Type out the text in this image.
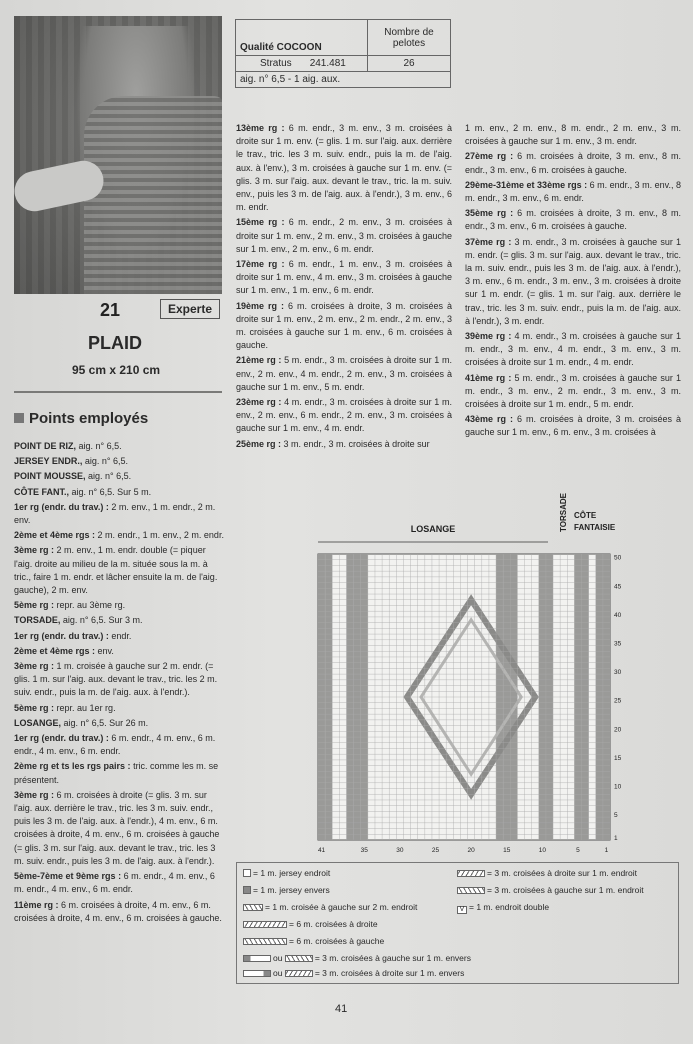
21	Experte
PLAID
95 cm x 210 cm
Points employés

POINT DE RIZ, aig. n° 6,5.

JERSEY ENDR., aig. n° 6,5.

POINT MOUSSE, aig. n° 6,5.

CÔTE FANT., aig. n° 6,5. Sur 5 m.

1er rg (endr. du trav.) : 2 m. env., 1 m. endr., 2 m. env.

2ème et 4ème rgs : 2 m. endr., 1 m. env., 2 m. endr.

3ème rg : 2 m. env., 1 m. endr. double (= piquer l'aig. droite au milieu de la m. située sous la m. à tric., faire 1 m. endr. et lâcher ensuite la m. de l'aig. gauche), 2 m. env.

5ème rg : repr. au 3ème rg.

TORSADE, aig. n° 6,5. Sur 3 m.

1er rg (endr. du trav.) : endr.

2ème et 4ème rgs : env.

3ème rg : 1 m. croisée à gauche sur 2 m. endr. (= glis. 1 m. sur l'aig. aux. devant le trav., tric. les 2 m. suiv. endr., puis la m. de l'aig. aux. à l'endr.).

5ème rg : repr. au 1er rg.

LOSANGE, aig. n° 6,5. Sur 26 m.

1er rg (endr. du trav.) : 6 m. endr., 4 m. env., 6 m. endr., 4 m. env., 6 m. endr.

2ème rg et ts les rgs pairs : tric. comme les m. se présentent.

3ème rg : 6 m. croisées à droite (= glis. 3 m. sur l'aig. aux. derrière le trav., tric. les 3 m. suiv. endr., puis les 3 m. de l'aig. aux. à l'endr.), 4 m. env., 6 m. croisées à droite, 4 m. env., 6 m. croisées à gauche (= glis. 3 m. sur l'aig. aux. devant le trav., tric. les 3 m. suiv. endr., puis les 3 m. de l'aig. aux. à l'endr.).

5ème-7ème et 9ème rgs : 6 m. endr., 4 m. env., 6 m. endr., 4 m. env., 6 m. endr.

11ème rg : 6 m. croisées à droite, 4 m. env., 6 m. croisées à droite, 4 m. env., 6 m. croisées à gauche.

Qualité COCOON	Nombre de pelotes
Stratus 241.481	26
aig. n° 6,5 - 1 aig. aux.	

13ème rg : 6 m. endr., 3 m. env., 3 m. croisées à droite sur 1 m. env. (= glis. 1 m. sur l'aig. aux. derrière le trav., tric. les 3 m. suiv. endr., puis la m. de l'aig. aux. à l'env.), 3 m. croisées à gauche sur 1 m. env. (= glis. 3 m. sur l'aig. aux. devant le trav., tric. la m. suiv. env., puis les 3 m. de l'aig. aux. à l'endr.), 3 m. env., 6 m. endr.

15ème rg : 6 m. endr., 2 m. env., 3 m. croisées à droite sur 1 m. env., 2 m. env., 3 m. croisées à gauche sur 1 m. env., 2 m. env., 6 m. endr.

17ème rg : 6 m. endr., 1 m. env., 3 m. croisées à droite sur 1 m. env., 4 m. env., 3 m. croisées à gauche sur 1 m. env., 1 m. env., 6 m. endr.

19ème rg : 6 m. croisées à droite, 3 m. croisées à droite sur 1 m. env., 2 m. env., 2 m. endr., 2 m. env., 3 m. croisées à gauche sur 1 m. env., 6 m. croisées à gauche.

21ème rg : 5 m. endr., 3 m. croisées à droite sur 1 m. env., 2 m. env., 4 m. endr., 2 m. env., 3 m. croisées à gauche sur 1 m. env., 5 m. endr.

23ème rg : 4 m. endr., 3 m. croisées à droite sur 1 m. env., 2 m. env., 6 m. endr., 2 m. env., 3 m. croisées à gauche sur 1 m. env., 4 m. endr.

25ème rg : 3 m. endr., 3 m. croisées à droite sur

1 m. env., 2 m. env., 8 m. endr., 2 m. env., 3 m. croisées à gauche sur 1 m. env., 3 m. endr.

27ème rg : 6 m. croisées à droite, 3 m. env., 8 m. endr., 3 m. env., 6 m. croisées à gauche.

29ème-31ème et 33ème rgs : 6 m. endr., 3 m. env., 8 m. endr., 3 m. env., 6 m. endr.

35ème rg : 6 m. croisées à droite, 3 m. env., 8 m. endr., 3 m. env., 6 m. croisées à gauche.

37ème rg : 3 m. endr., 3 m. croisées à gauche sur 1 m. endr. (= glis. 3 m. sur l'aig. aux. devant le trav., tric. la m. suiv. endr., puis les 3 m. de l'aig. aux. à l'endr.), 3 m. env., 6 m. endr., 3 m. env., 3 m. croisées à droite sur 1 m. endr. (= glis. 1 m. sur l'aig. aux. derrière le trav., tric. les 3 m. suiv. endr., puis la m. de l'aig. aux. à l'endr.), 3 m. endr.

39ème rg : 4 m. endr., 3 m. croisées à gauche sur 1 m. endr., 3 m. env., 4 m. endr., 3 m. env., 3 m. croisées à droite sur 1 m. endr., 4 m. endr.

41ème rg : 5 m. endr., 3 m. croisées à gauche sur 1 m. endr., 3 m. env., 2 m. endr., 3 m. env., 3 m. croisées à droite sur 1 m. endr., 5 m. endr.

43ème rg : 6 m. croisées à droite, 3 m. croisées à gauche sur 1 m. env., 6 m. env., 3 m. croisées à

LOSANGE	TORSADE CÔTE
FANTAISIE
41	35	30	25	20	15	10	5	1
50
45
40
35
30
25
20
15
10
5
1
= 1 m. jersey endroit
= 1 m. jersey envers
= 1 m. croisée à gauche sur 2 m. endroit
= 6 m. croisées à droite
= 6 m. croisées à gauche
ou	= 3 m. croisées à gauche sur 1 m. envers
ou	= 3 m. croisées à droite sur 1 m. envers
= 3 m. croisées à droite sur 1 m. endroit
= 3 m. croisées à gauche sur 1 m. endroit
V = 1 m. endroit double
41
